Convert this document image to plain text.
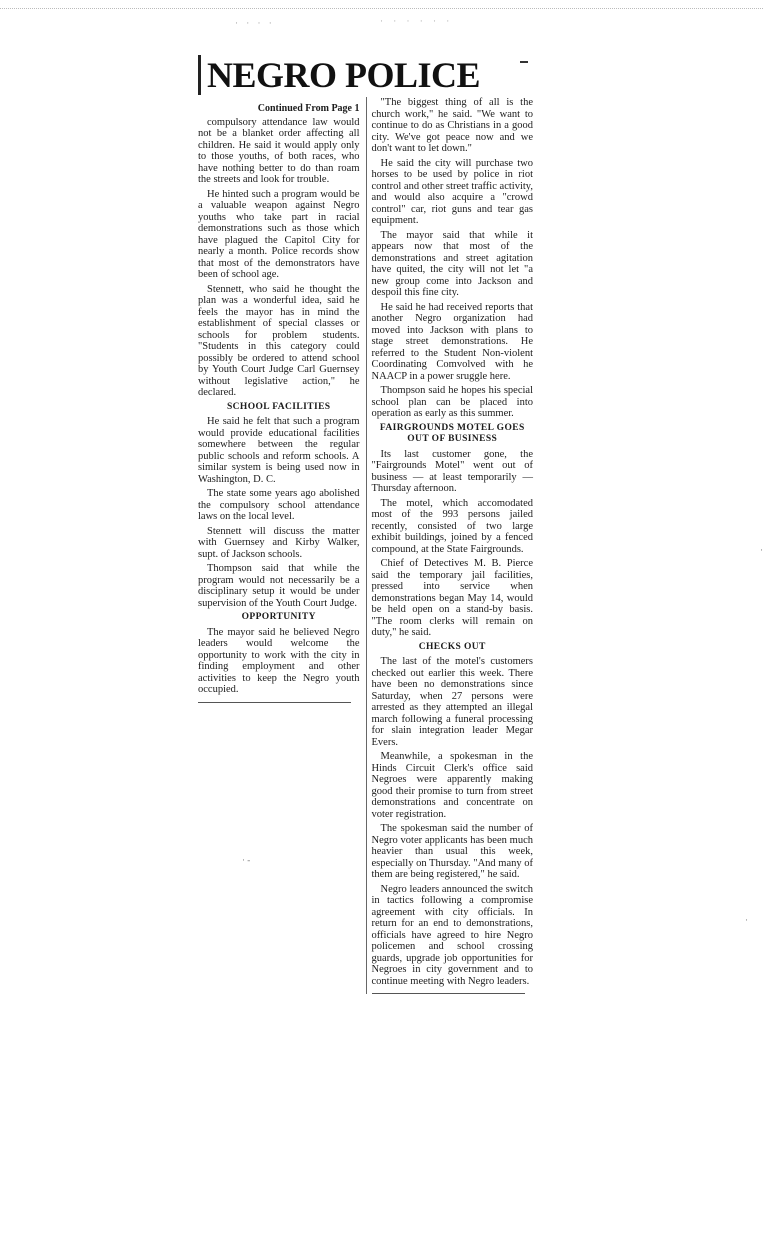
· · · ·	· · · · · ·
NEGRO POLICE
Continued From Page 1

compulsory attendance law would not be a blanket order affecting all children. He said it would apply only to those youths, of both races, who have nothing better to do than roam the streets and look for trouble.

He hinted such a program would be a valuable weapon against Negro youths who take part in racial demonstrations such as those which have plagued the Capitol City for nearly a month. Police records show that most of the demonstrators have been of school age.

Stennett, who said he thought the plan was a wonderful idea, said he feels the mayor has in mind the establishment of special classes or schools for problem students. "Students in this category could possibly be ordered to attend school by Youth Court Judge Carl Guernsey without legislative action," he declared.

SCHOOL FACILITIES

He said he felt that such a program would provide educational facilities somewhere between the regular public schools and reform schools. A similar system is being used now in Washington, D. C.

The state some years ago abolished the compulsory school attendance laws on the local level.

Stennett will discuss the matter with Guernsey and Kirby Walker, supt. of Jackson schools.

Thompson said that while the program would not necessarily be a disciplinary setup it would be under supervision of the Youth Court Judge.

OPPORTUNITY

The mayor said he believed Negro leaders would welcome the opportunity to work with the city in finding employment and other activities to keep the Negro youth occupied.

"The biggest thing of all is the church work," he said. "We want to continue to do as Christians in a good city. We've got peace now and we don't want to let down."

He said the city will purchase two horses to be used by police in riot control and other street traffic activity, and would also acquire a "crowd control" car, riot guns and tear gas equipment.

The mayor said that while it appears now that most of the demonstrations and street agitation have quited, the city will not let "a new group come into Jackson and despoil this fine city.

He said he had received reports that another Negro organization had moved into Jackson with plans to stage street demonstrations. He referred to the Student Non-violent Coordinating Comvolved with he NAACP in a power sruggle here.

Thompson said he hopes his special school plan can be placed into operation as early as this summer.

FAIRGROUNDS MOTEL GOES OUT OF BUSINESS

Its last customer gone, the "Fairgrounds Motel" went out of business — at least temporarily — Thursday afternoon.

The motel, which accomodated most of the 993 persons jailed recently, consisted of two large exhibit buildings, joined by a fenced compound, at the State Fairgrounds.

Chief of Detectives M. B. Pierce said the temporary jail facilities, pressed into service when demonstrations began May 14, would be held open on a stand-by basis. "The room clerks will remain on duty," he said.

CHECKS OUT

The last of the motel's customers checked out earlier this week. There have been no demonstrations since Saturday, when 27 persons were arrested as they attempted an illegal march following a funeral processing for slain integration leader Megar Evers.

Meanwhile, a spokesman in the Hinds Circuit Clerk's office said Negroes were apparently making good their promise to turn from street demonstrations and concentrate on voter registration.

The spokesman said the number of Negro voter applicants has been much heavier than usual this week, especially on Thursday. "And many of them are being registered," he said.

Negro leaders announced the switch in tactics following a compromise agreement with city officials. In return for an end to demonstrations, officials have agreed to hire Negro policemen and school crossing guards, upgrade job opportunities for Negroes in city government and to continue meeting with Negro leaders.

· -
·
·
